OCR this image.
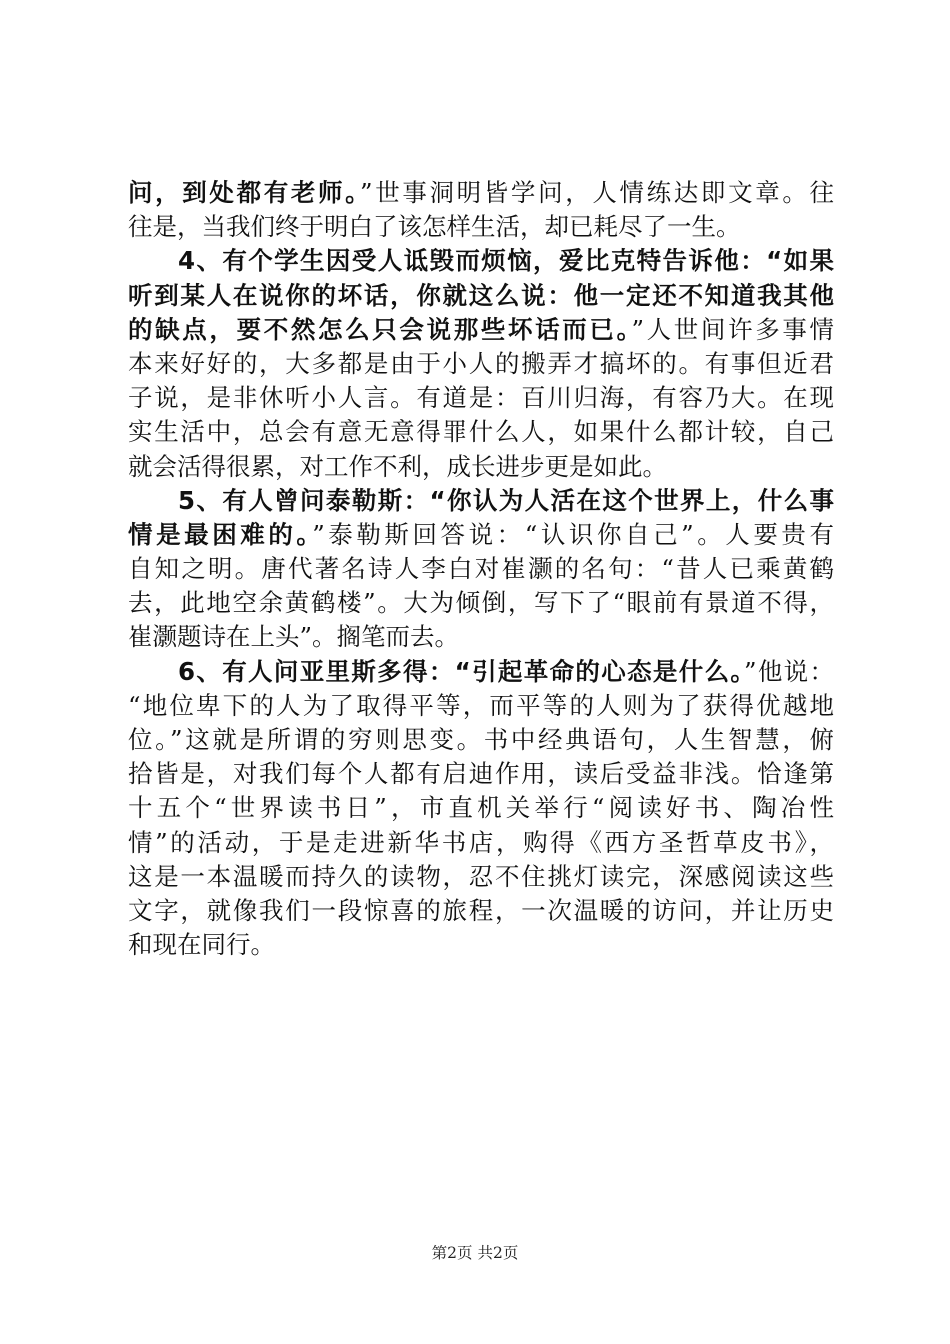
问，到处都有老师。”世事洞明皆学问，人情练达即文章。往
往是，当我们终于明白了该怎样生活，却已耗尽了一生。
4、有个学生因受人诋毁而烦恼，爱比克特告诉他：“如果
听到某人在说你的坏话，你就这么说：他一定还不知道我其他
的缺点，要不然怎么只会说那些坏话而已。”人世间许多事情
本来好好的，大多都是由于小人的搬弄才搞坏的。有事但近君
子说，是非休听小人言。有道是：百川归海，有容乃大。在现
实生活中，总会有意无意得罪什么人，如果什么都计较，自己
就会活得很累，对工作不利，成长进步更是如此。
5、有人曾问泰勒斯：“你认为人活在这个世界上，什么事
情是最困难的。”泰勒斯回答说：“认识你自己”。人要贵有
自知之明。唐代著名诗人李白对崔灏的名句：“昔人已乘黄鹤
去，此地空余黄鹤楼”。大为倾倒，写下了“眼前有景道不得，
崔灏题诗在上头”。搁笔而去。
6、有人问亚里斯多得：“引起革命的心态是什么。”他说：
“地位卑下的人为了取得平等，而平等的人则为了获得优越地
位。”这就是所谓的穷则思变。书中经典语句，人生智慧，俯
拾皆是，对我们每个人都有启迪作用，读后受益非浅。恰逢第
十五个“世界读书日”，市直机关举行“阅读好书、陶冶性
情”的活动，于是走进新华书店，购得《西方圣哲草皮书》，
这是一本温暖而持久的读物，忍不住挑灯读完，深感阅读这些
文字，就像我们一段惊喜的旅程，一次温暖的访问，并让历史
和现在同行。
第2页 共2页
